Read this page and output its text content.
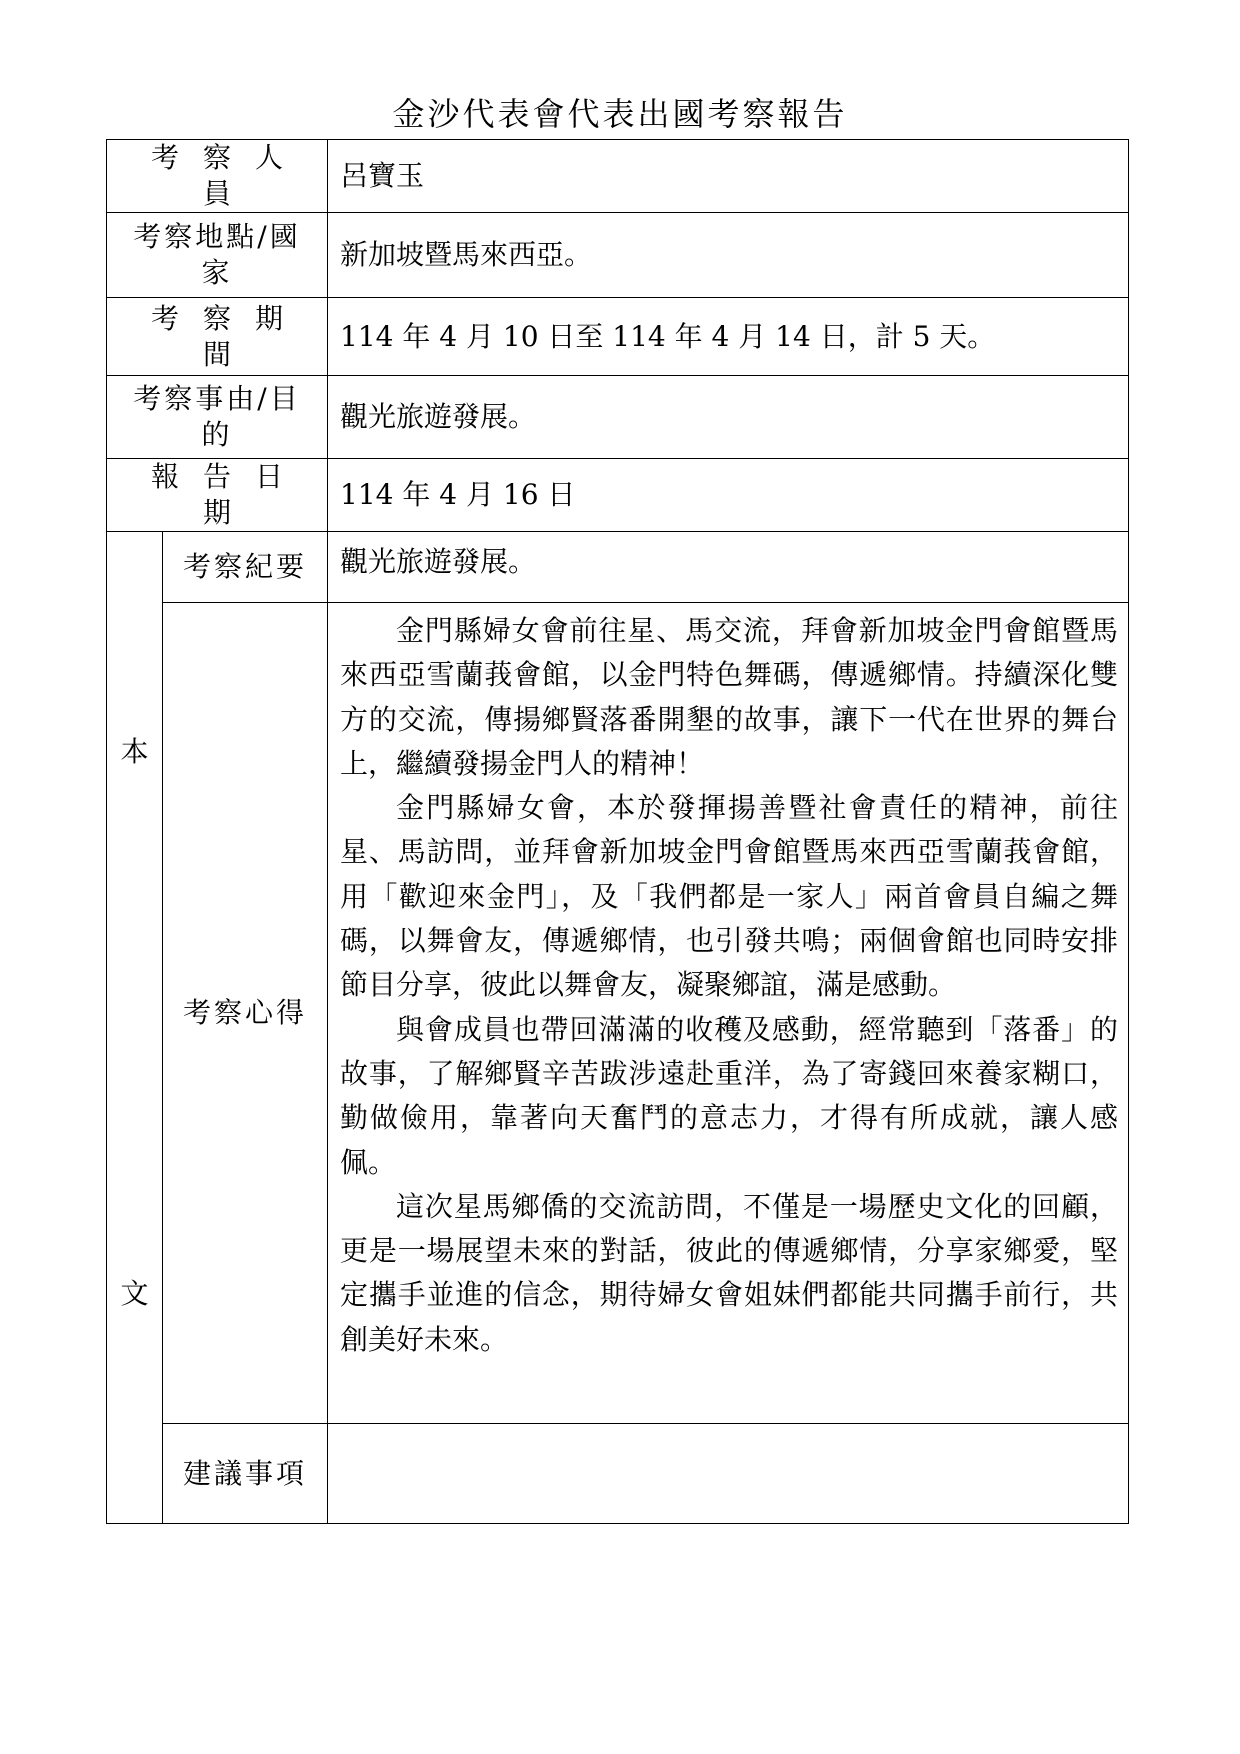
金沙代表會代表出國考察報告
考察人員		呂寶玉
考察地點/國家		新加坡暨馬來西亞。
考察期間		114 年 4 月 10 日至 114 年 4 月 14 日，計 5 天。
考察事由/目的		觀光旅遊發展。
報告日期		114 年 4 月 16 日

本
文	考察紀要	觀光旅遊發展。
	考察心得	金門縣婦女會前往星、馬交流，拜會新加坡金門會館暨馬來西亞雪蘭莪會館，以金門特色舞碼，傳遞鄉情。持續深化雙方的交流，傳揚鄉賢落番開墾的故事，讓下一代在世界的舞台上，繼續發揚金門人的精神！

金門縣婦女會，本於發揮揚善暨社會責任的精神，前往星、馬訪問，並拜會新加坡金門會館暨馬來西亞雪蘭莪會館，用「歡迎來金門」，及「我們都是一家人」兩首會員自編之舞碼，以舞會友，傳遞鄉情，也引發共鳴；兩個會館也同時安排節目分享，彼此以舞會友，凝聚鄉誼，滿是感動。

與會成員也帶回滿滿的收穫及感動，經常聽到「落番」的故事，了解鄉賢辛苦跋涉遠赴重洋，為了寄錢回來養家糊口，勤做儉用，靠著向天奮鬥的意志力，才得有所成就，讓人感佩。

這次星馬鄉僑的交流訪問，不僅是一場歷史文化的回顧，更是一場展望未來的對話，彼此的傳遞鄉情，分享家鄉愛，堅定攜手並進的信念，期待婦女會姐妹們都能共同攜手前行，共創美好未來。

	建議事項	
